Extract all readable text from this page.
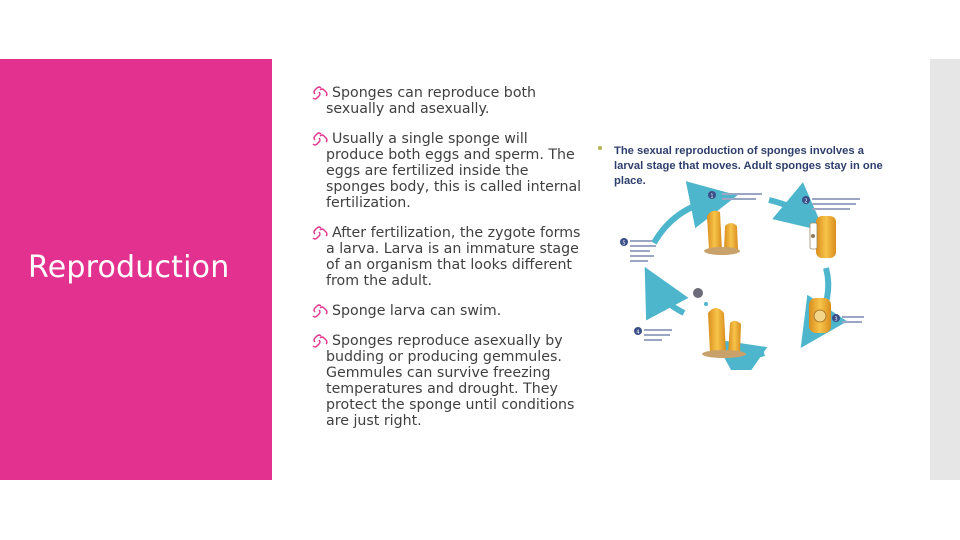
Reproduction
Sponges can reproduce both sexually and asexually.
Usually a single sponge will produce both eggs and sperm. The eggs are fertilized inside the sponges body, this is called internal fertilization.
After fertilization, the zygote forms a larva. Larva is an immature stage of an organism that looks different from the adult.
Sponge larva can swim.
Sponges reproduce asexually by budding or producing gemmules. Gemmules can survive freezing temperatures and drought. They protect the sponge until conditions are just right.
The sexual reproduction of sponges involves a larval stage that moves. Adult sponges stay in one place.
1
2
3
4
5
